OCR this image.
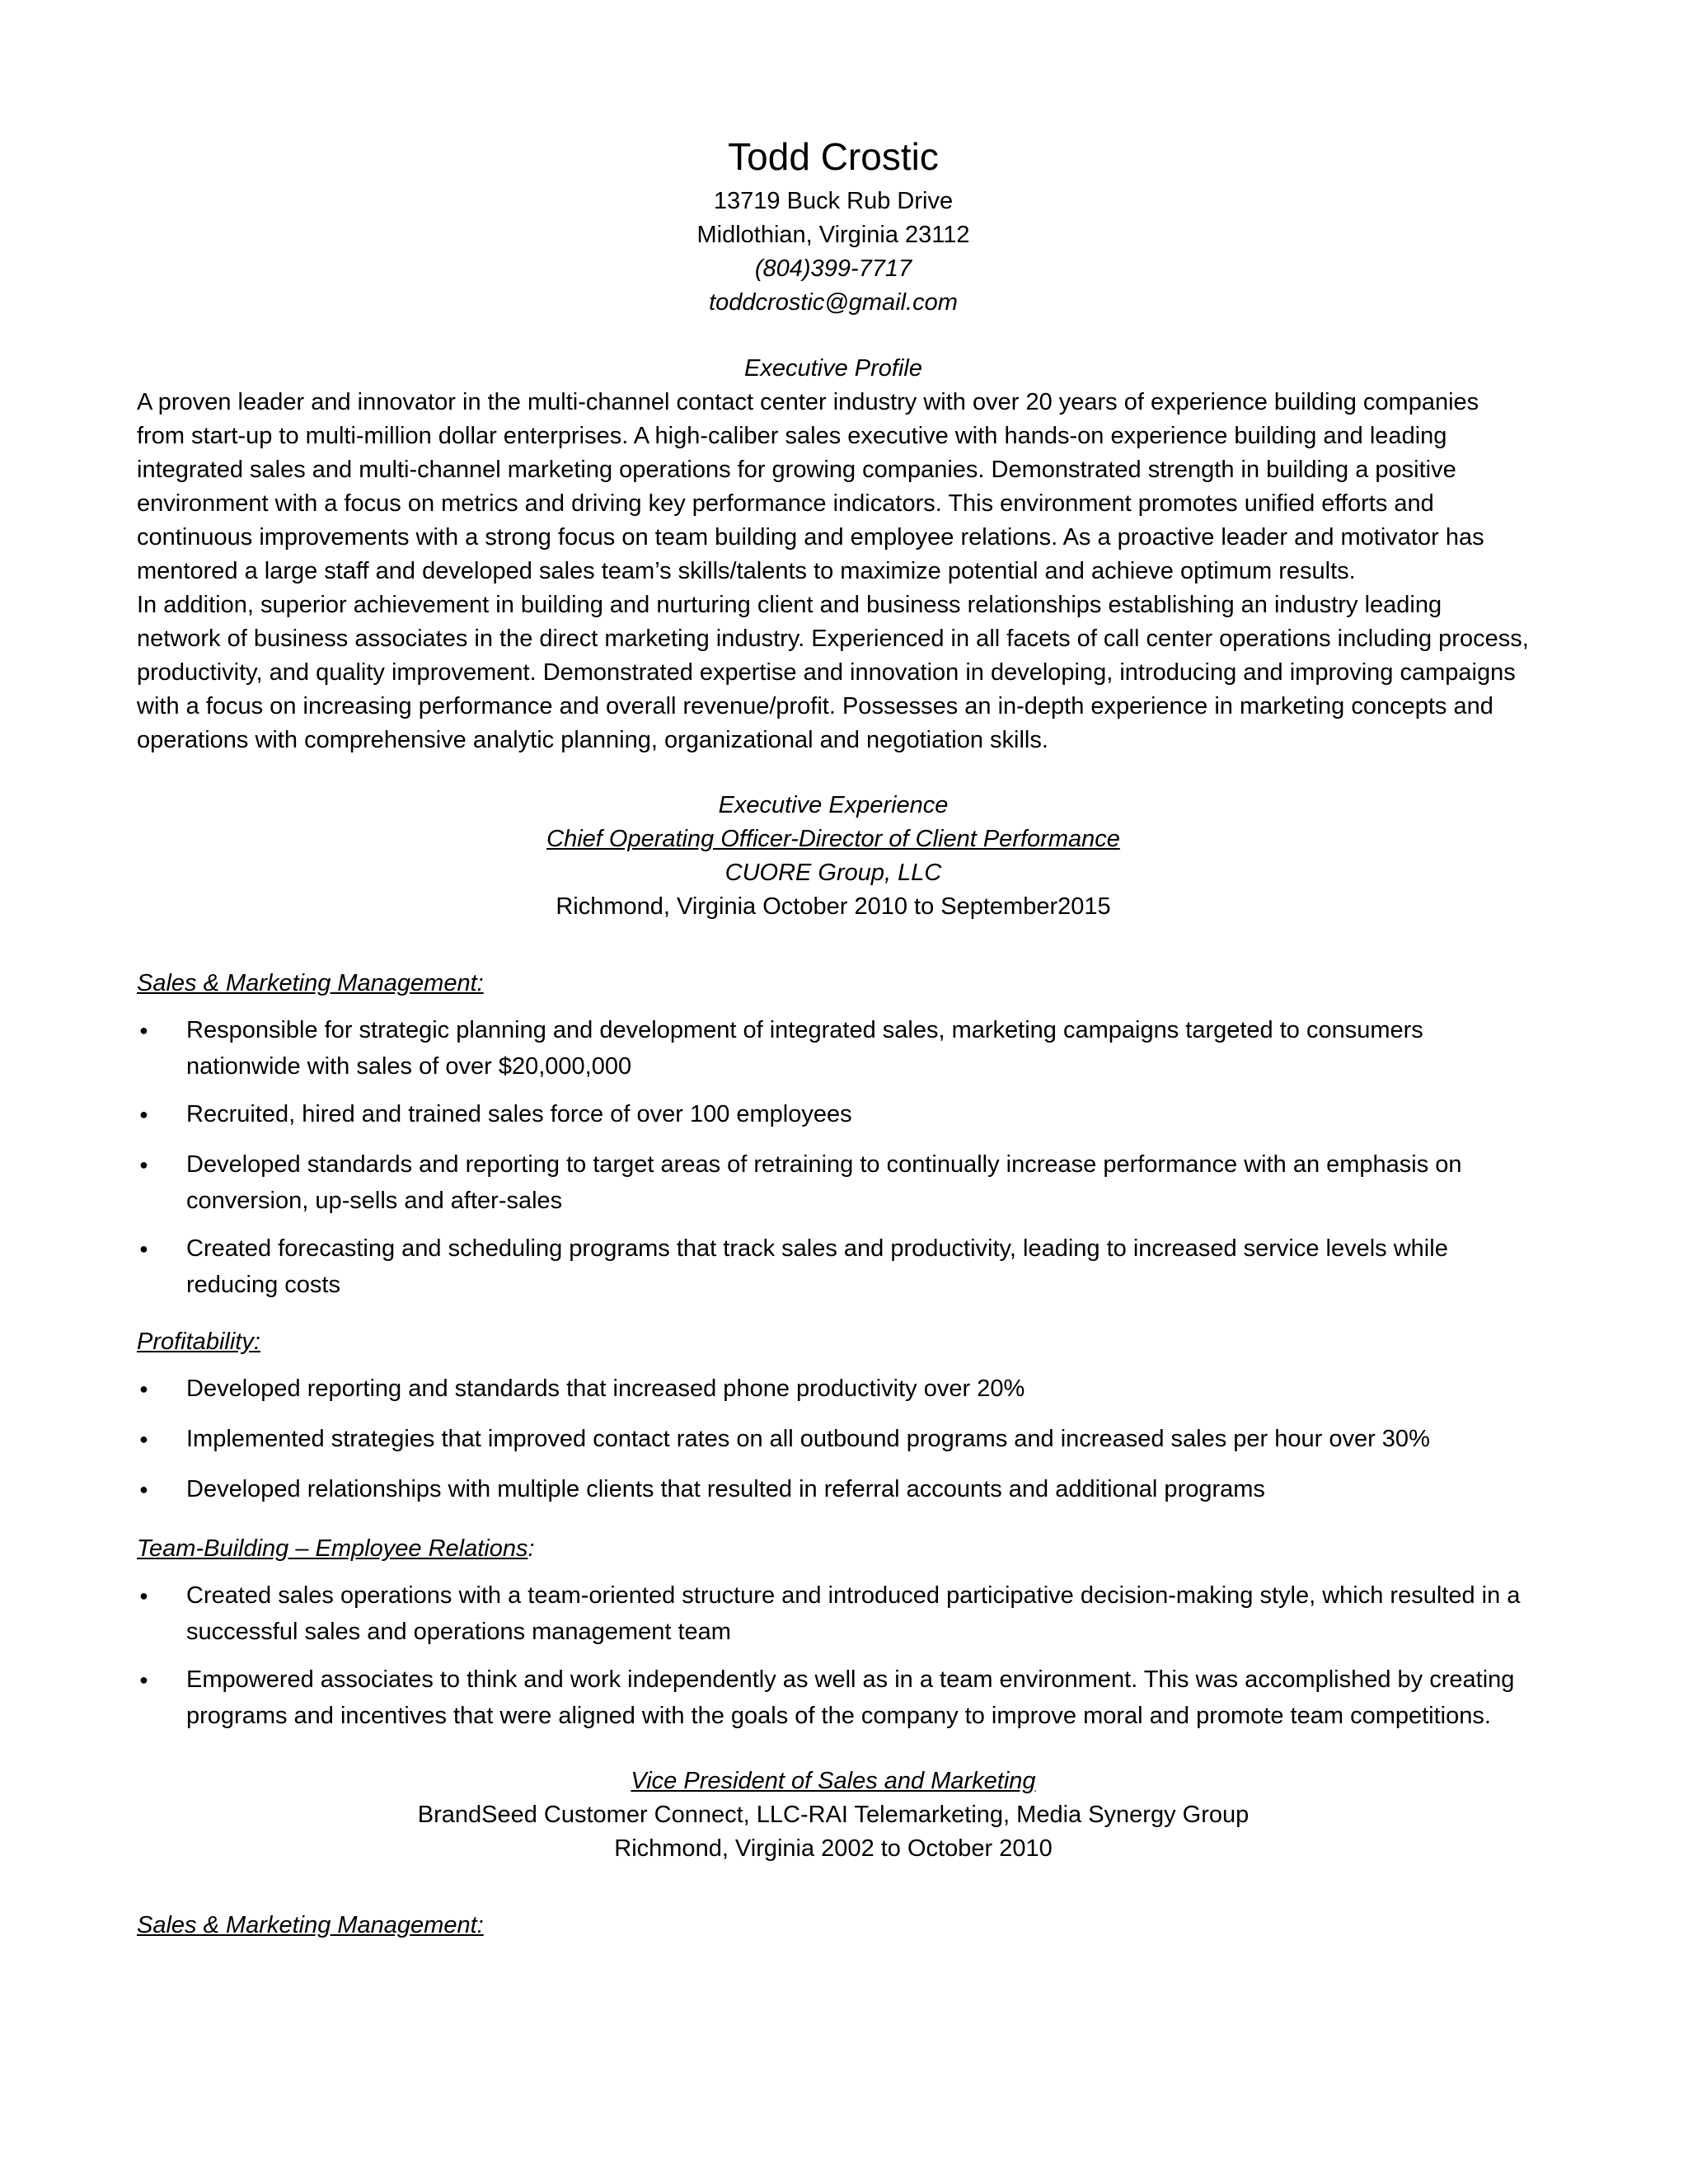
Todd Crostic
13719 Buck Rub Drive
Midlothian, Virginia 23112
(804)399-7717
toddcrostic@gmail.com
Executive Profile

A proven leader and innovator in the multi-channel contact center industry with over 20 years of experience building companies from start-up to multi-million dollar enterprises. A high-caliber sales executive with hands-on experience building and leading integrated sales and multi-channel marketing operations for growing companies. Demonstrated strength in building a positive environment with a focus on metrics and driving key performance indicators. This environment promotes unified efforts and continuous improvements with a strong focus on team building and employee relations. As a proactive leader and motivator has mentored a large staff and developed sales team’s skills/talents to maximize potential and achieve optimum results.

In addition, superior achievement in building and nurturing client and business relationships establishing an industry leading network of business associates in the direct marketing industry. Experienced in all facets of call center operations including process, productivity, and quality improvement. Demonstrated expertise and innovation in developing, introducing and improving campaigns with a focus on increasing performance and overall revenue/profit. Possesses an in-depth experience in marketing concepts and operations with comprehensive analytic planning, organizational and negotiation skills.

Executive Experience
Chief Operating Officer-Director of Client Performance
CUORE Group, LLC
Richmond, Virginia October 2010 to September2015
Sales & Marketing Management:
●Responsible for strategic planning and development of integrated sales, marketing campaigns targeted to consumers nationwide with sales of over $20,000,000
●Recruited, hired and trained sales force of over 100 employees
●Developed standards and reporting to target areas of retraining to continually increase performance with an emphasis on conversion, up-sells and after-sales
●Created forecasting and scheduling programs that track sales and productivity, leading to increased service levels while reducing costs
Profitability:
●Developed reporting and standards that increased phone productivity over 20%
●Implemented strategies that improved contact rates on all outbound programs and increased sales per hour over 30%
●Developed relationships with multiple clients that resulted in referral accounts and additional programs
Team-Building – Employee Relations:
●Created sales operations with a team-oriented structure and introduced participative decision-making style, which resulted in a successful sales and operations management team
●Empowered associates to think and work independently as well as in a team environment. This was accomplished by creating programs and incentives that were aligned with the goals of the company to improve moral and promote team competitions.
Vice President of Sales and Marketing
BrandSeed Customer Connect, LLC-RAI Telemarketing, Media Synergy Group
Richmond, Virginia 2002 to October 2010
Sales & Marketing Management:
